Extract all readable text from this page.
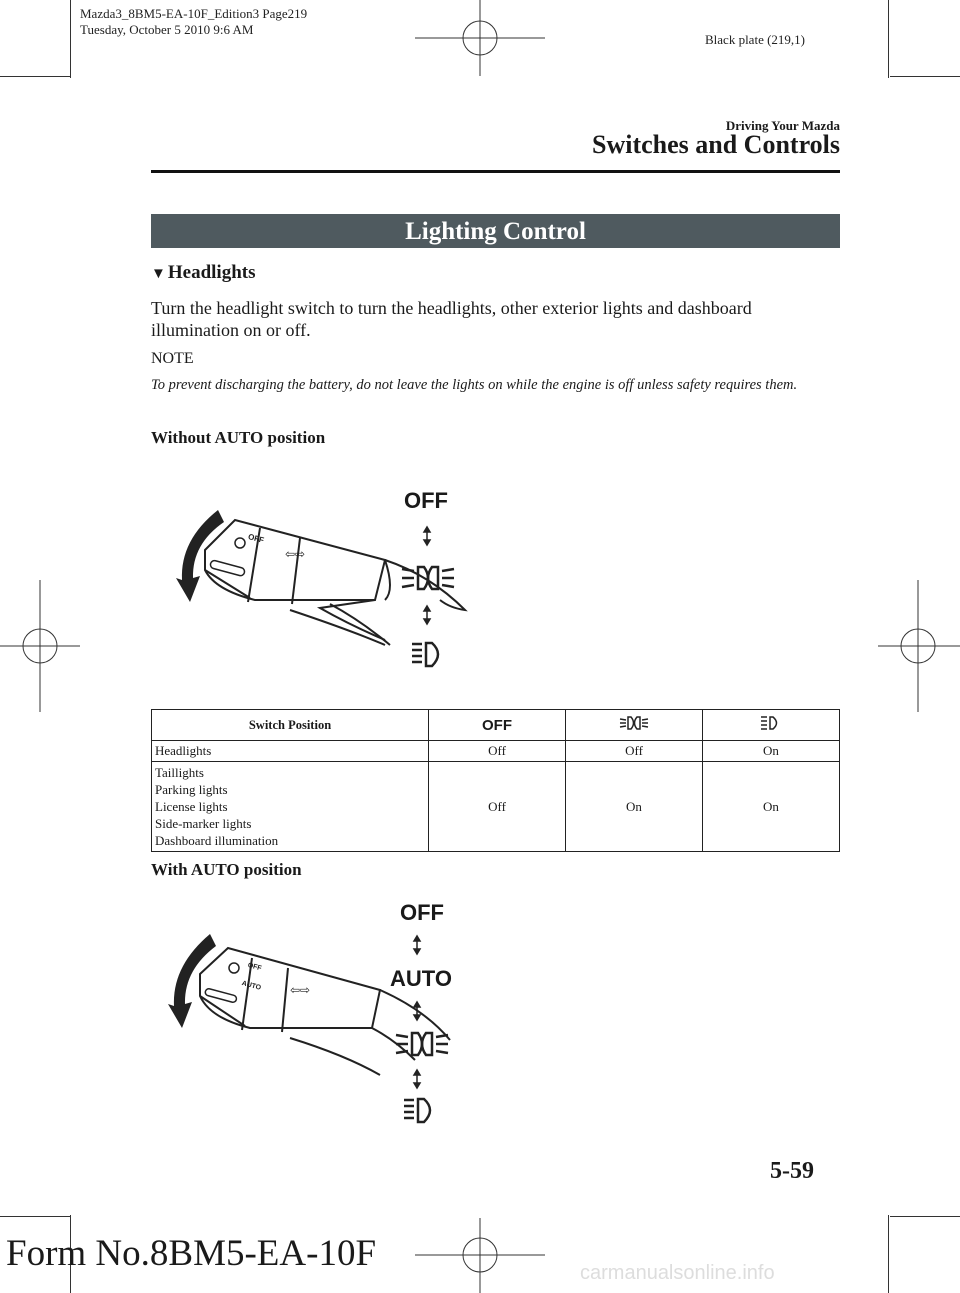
Mazda3_8BM5-EA-10F_Edition3 Page219
Tuesday, October 5 2010 9:6 AM
Black plate (219,1)
Driving Your Mazda
Switches and Controls
Lighting Control
▼ Headlights
Turn the headlight switch to turn the headlights, other exterior lights and dashboard illumination on or off.
NOTE
To prevent discharging the battery, do not leave the lights on while the engine is off unless safety requires them.
Without AUTO position
OFF
⇦⇨
OFF
Switch Position	OFF		
Headlights	Off	Off	On

Taillights
Parking lights
License lights
Side-marker lights
Dashboard illumination	Off	On	On
With AUTO position
OFF
AUTO ⇦⇨
OFF
AUTO
5-59
Form No.8BM5-EA-10F	carmanualsonline.info
